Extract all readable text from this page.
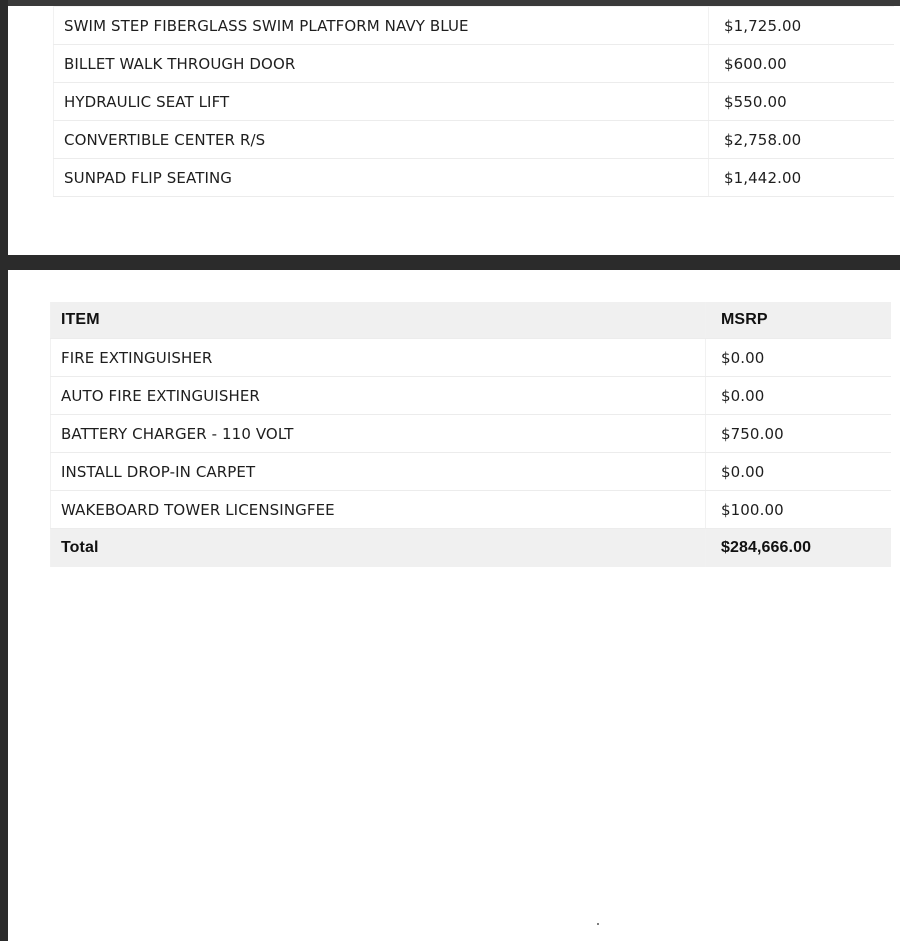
SWIM STEP FIBERGLASS SWIM PLATFORM NAVY BLUE	$1,725.00
BILLET WALK THROUGH DOOR	$600.00
HYDRAULIC SEAT LIFT	$550.00
CONVERTIBLE CENTER R/S	$2,758.00
SUNPAD FLIP SEATING	$1,442.00
ITEM	MSRP
FIRE EXTINGUISHER	$0.00
AUTO FIRE EXTINGUISHER	$0.00
BATTERY CHARGER - 110 VOLT	$750.00
INSTALL DROP-IN CARPET	$0.00
WAKEBOARD TOWER LICENSINGFEE	$100.00
Total	$284,666.00
